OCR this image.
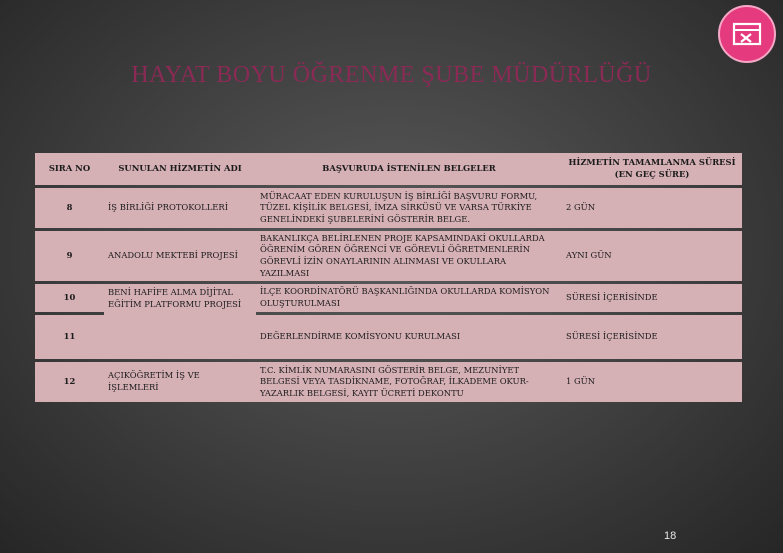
HAYAT BOYU ÖĞRENME ŞUBE MÜDÜRLÜĞÜ
SIRA NO	SUNULAN HİZMETİN ADI	BAŞVURUDA İSTENİLEN BELGELER	HİZMETİN TAMAMLANMA SÜRESİ (EN GEÇ SÜRE)
8	İŞ BİRLİĞİ PROTOKOLLERİ	MÜRACAAT EDEN KURULUŞUN İŞ BİRLİĞİ BAŞVURU FORMU, TÜZEL KİŞİLİK BELGESİ, İMZA SİRKÜSÜ VE VARSA TÜRKİYE GENELİNDEKİ ŞUBELERİNİ GÖSTERİR BELGE.	2 GÜN
9	ANADOLU MEKTEBİ PROJESİ	BAKANLIKÇA BELİRLENEN PROJE KAPSAMINDAKİ OKULLARDA ÖĞRENİM GÖREN ÖĞRENCİ VE GÖREVLİ ÖĞRETMENLERİN GÖREVLİ İZİN ONAYLARININ ALINMASI VE OKULLARA YAZILMASI	AYNI GÜN
10	BENİ HAFİFE ALMA DİJİTAL EĞİTİM PLATFORMU PROJESİ	İLÇE KOORDİNATÖRÜ BAŞKANLIĞINDA OKULLARDA KOMİSYON OLUŞTURULMASI	SÜRESİ İÇERİSİNDE
11		DEĞERLENDİRME KOMİSYONU KURULMASI	SÜRESİ İÇERİSİNDE
12	AÇIKÖĞRETİM İŞ VE İŞLEMLERİ	T.C. KİMLİK NUMARASINI GÖSTERİR BELGE, MEZUNİYET BELGESİ VEYA TASDİKNAME, FOTOĞRAF, İLKADEME OKUR-YAZARLIK BELGESİ, KAYIT ÜCRETİ DEKONTU	1 GÜN
18
